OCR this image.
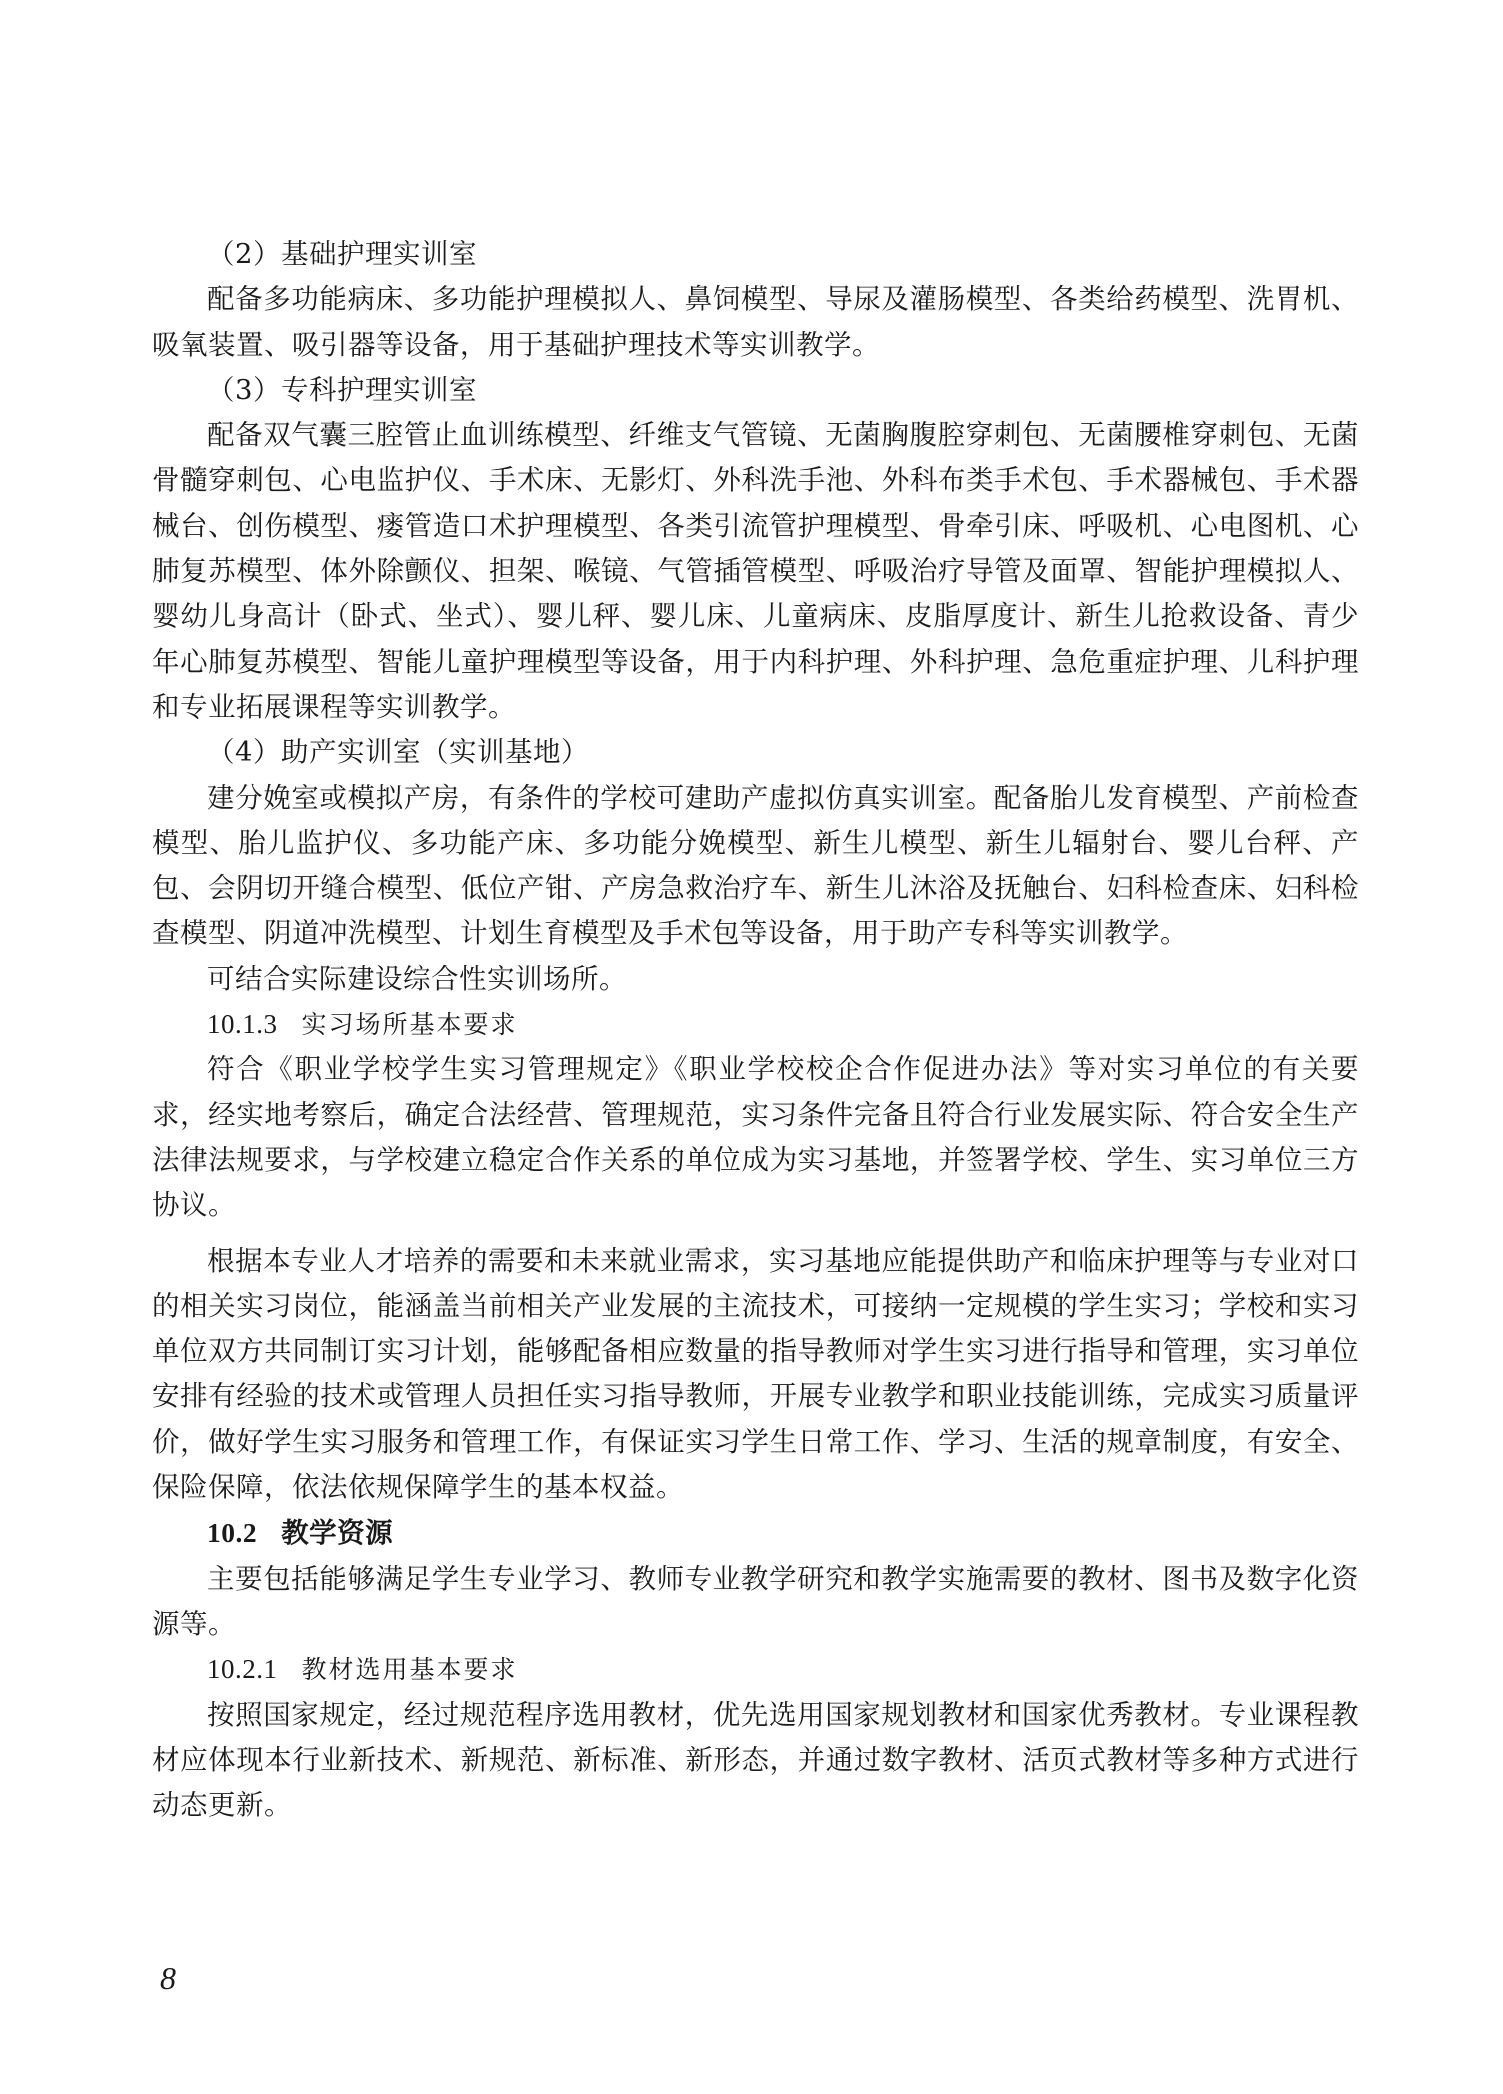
（2）基础护理实训室

配备多功能病床、多功能护理模拟人、鼻饲模型、导尿及灌肠模型、各类给药模型、洗胃机、吸氧装置、吸引器等设备，用于基础护理技术等实训教学。

（3）专科护理实训室

配备双气囊三腔管止血训练模型、纤维支气管镜、无菌胸腹腔穿刺包、无菌腰椎穿刺包、无菌骨髓穿刺包、心电监护仪、手术床、无影灯、外科洗手池、外科布类手术包、手术器械包、手术器械台、创伤模型、瘘管造口术护理模型、各类引流管护理模型、骨牵引床、呼吸机、心电图机、心肺复苏模型、体外除颤仪、担架、喉镜、气管插管模型、呼吸治疗导管及面罩、智能护理模拟人、婴幼儿身高计（卧式、坐式）、婴儿秤、婴儿床、儿童病床、皮脂厚度计、新生儿抢救设备、青少年心肺复苏模型、智能儿童护理模型等设备，用于内科护理、外科护理、急危重症护理、儿科护理和专业拓展课程等实训教学。

（4）助产实训室（实训基地）

建分娩室或模拟产房，有条件的学校可建助产虚拟仿真实训室。配备胎儿发育模型、产前检查模型、胎儿监护仪、多功能产床、多功能分娩模型、新生儿模型、新生儿辐射台、婴儿台秤、产包、会阴切开缝合模型、低位产钳、产房急救治疗车、新生儿沐浴及抚触台、妇科检查床、妇科检查模型、阴道冲洗模型、计划生育模型及手术包等设备，用于助产专科等实训教学。

可结合实际建设综合性实训场所。

10.1.3 实习场所基本要求

符合《职业学校学生实习管理规定》《职业学校校企合作促进办法》等对实习单位的有关要求，经实地考察后，确定合法经营、管理规范，实习条件完备且符合行业发展实际、符合安全生产法律法规要求，与学校建立稳定合作关系的单位成为实习基地，并签署学校、学生、实习单位三方协议。

根据本专业人才培养的需要和未来就业需求，实习基地应能提供助产和临床护理等与专业对口的相关实习岗位，能涵盖当前相关产业发展的主流技术，可接纳一定规模的学生实习；学校和实习单位双方共同制订实习计划，能够配备相应数量的指导教师对学生实习进行指导和管理，实习单位安排有经验的技术或管理人员担任实习指导教师，开展专业教学和职业技能训练，完成实习质量评价，做好学生实习服务和管理工作，有保证实习学生日常工作、学习、生活的规章制度，有安全、保险保障，依法依规保障学生的基本权益。

10.2 教学资源

主要包括能够满足学生专业学习、教师专业教学研究和教学实施需要的教材、图书及数字化资源等。

10.2.1 教材选用基本要求

按照国家规定，经过规范程序选用教材，优先选用国家规划教材和国家优秀教材。专业课程教材应体现本行业新技术、新规范、新标准、新形态，并通过数字教材、活页式教材等多种方式进行动态更新。

8
